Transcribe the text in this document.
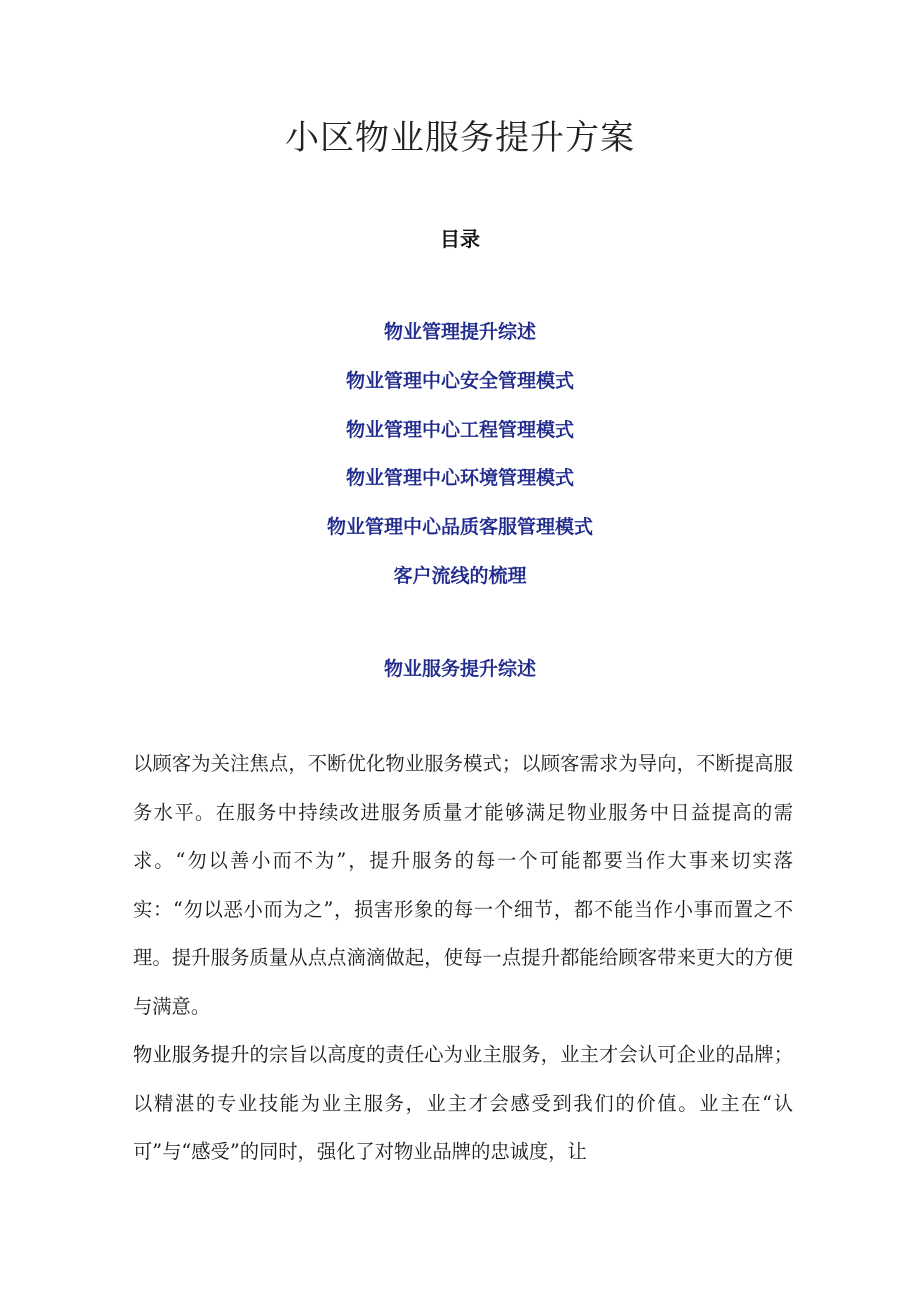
小区物业服务提升方案
目录
物业管理提升综述
物业管理中心安全管理模式
物业管理中心工程管理模式
物业管理中心环境管理模式
物业管理中心品质客服管理模式
客户流线的梳理
物业服务提升综述

以顾客为关注焦点，不断优化物业服务模式；以顾客需求为导向，不断提高服务水平。在服务中持续改进服务质量才能够满足物业服务中日益提高的需求。“勿以善小而不为”，提升服务的每一个可能都要当作大事来切实落实：“勿以恶小而为之”，损害形象的每一个细节，都不能当作小事而置之不理。提升服务质量从点点滴滴做起，使每一点提升都能给顾客带来更大的方便与满意。

物业服务提升的宗旨以高度的责任心为业主服务，业主才会认可企业的品牌；以精湛的专业技能为业主服务，业主才会感受到我们的价值。业主在“认可”与“感受”的同时，强化了对物业品牌的忠诚度，让
